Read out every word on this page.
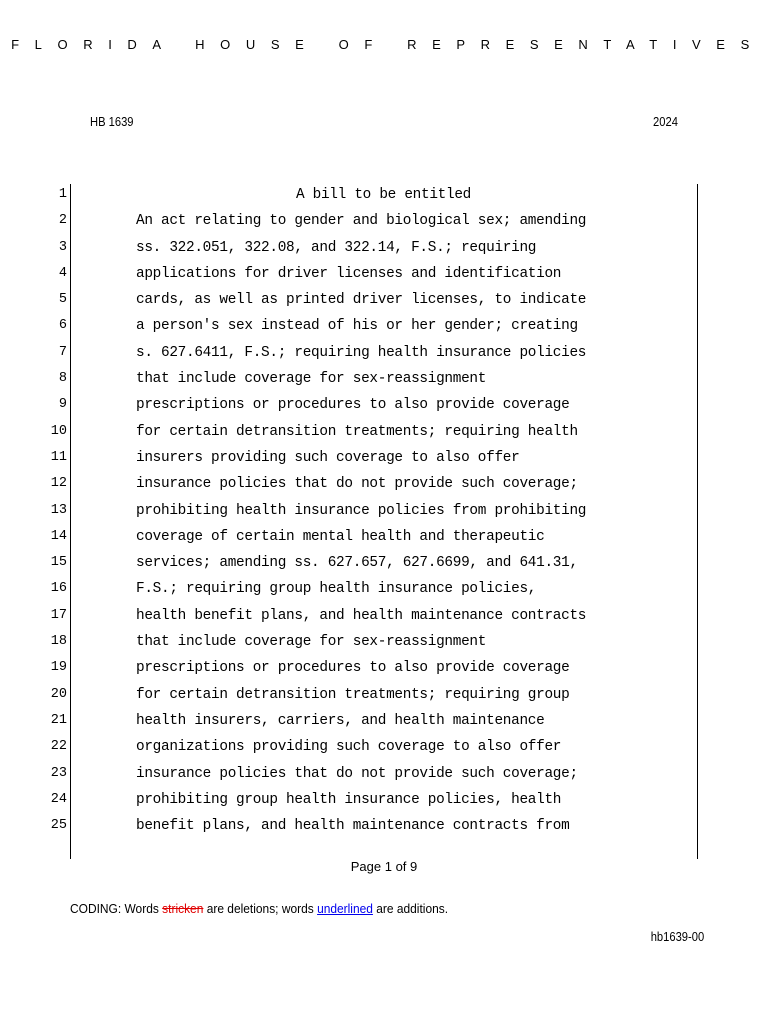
FLORIDA HOUSE OF REPRESENTATIVES
HB 1639	2024
1	A bill to be entitled
2	An act relating to gender and biological sex; amending
3	ss. 322.051, 322.08, and 322.14, F.S.; requiring
4	applications for driver licenses and identification
5	cards, as well as printed driver licenses, to indicate
6	a person's sex instead of his or her gender; creating
7	s. 627.6411, F.S.; requiring health insurance policies
8	that include coverage for sex-reassignment
9	prescriptions or procedures to also provide coverage
10	for certain detransition treatments; requiring health
11	insurers providing such coverage to also offer
12	insurance policies that do not provide such coverage;
13	prohibiting health insurance policies from prohibiting
14	coverage of certain mental health and therapeutic
15	services; amending ss. 627.657, 627.6699, and 641.31,
16	F.S.; requiring group health insurance policies,
17	health benefit plans, and health maintenance contracts
18	that include coverage for sex-reassignment
19	prescriptions or procedures to also provide coverage
20	for certain detransition treatments; requiring group
21	health insurers, carriers, and health maintenance
22	organizations providing such coverage to also offer
23	insurance policies that do not provide such coverage;
24	prohibiting group health insurance policies, health
25	benefit plans, and health maintenance contracts from
Page 1 of 9
CODING: Words stricken are deletions; words underlined are additions.
hb1639-00
